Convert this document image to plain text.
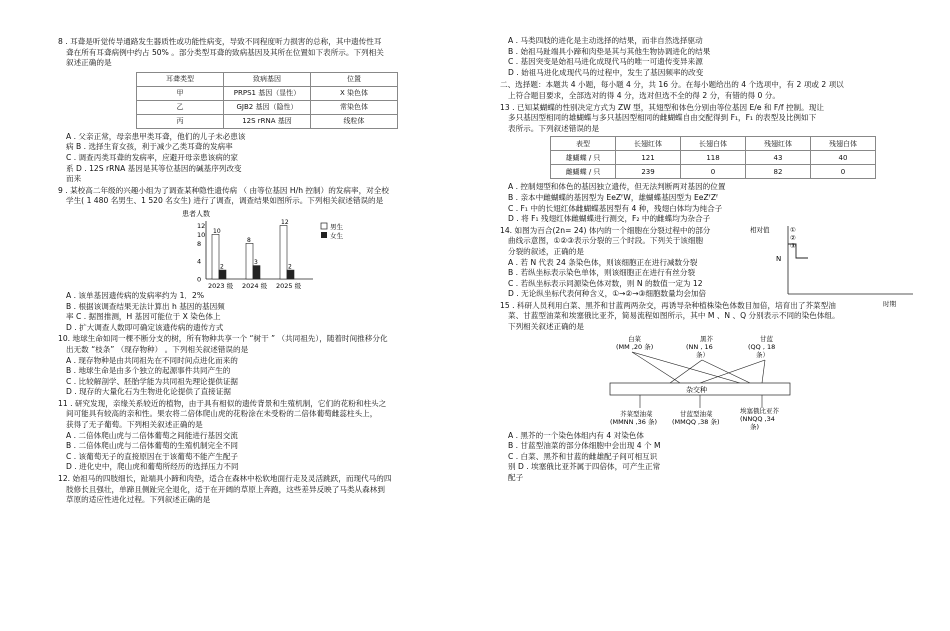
8 . 耳聋是听觉传导通路发生器质性或功能性病变，导致不同程度听力损害的总称，其中遗传性耳

聋在所有耳聋病例中约占 50% 。部分类型耳聋的致病基因及其所在位置如下表所示。下列相关

叙述正确的是

耳聋类型	致病基因	位置
甲	PRPS1 基因（显性）	X 染色体
乙	GJB2 基因（隐性）	常染色体
丙	12S rRNA 基因	线粒体

A . 父亲正常，母亲患甲类耳聋，他们的儿子未必患该

病 B . 选择生育女孩，利于减少乙类耳聋的发病率

C . 调查丙类耳聋的发病率，应避开母亲患该病的家

系 D . 12S rRNA 基因是其等位基因的碱基序列改变

而来

9 . 某校高二年级的兴趣小组为了调查某种隐性遗传病 （ 由等位基因 H/h 控制）的发病率，对全校

学生( 1 480 名男生、1 520 名女生) 进行了调查，调查结果如图所示。下列相关叙述错误的是

患者人数
12
10
8
4
0
10
2
2023 级
8
3
2024 级
12
2
2025 级
男生
女生

A . 该单基因遗传病的发病率约为 1．2%

B . 根据该调查结果无法计算出 h 基因的基因频

率 C . 据图推测，H 基因可能位于 X 染色体上

D . 扩大调查人数即可确定该遗传病的遗传方式

10. 地球生命如同一棵不断分支的树，所有物种共享一个 “树干 ” （共同祖先），随着时间推移分化

出无数 “枝条” （现存物种） 。下列相关叙述错误的是

A . 现存物种是由共同祖先在不同时间点进化而来的

B . 地球生命是由多个独立的起源事件共同产生的

C . 比较解剖学、胚胎学能为共同祖先理论提供证据

D . 现存的大量化石为生物进化论提供了直接证据

11 . 研究发现，亲缘关系较近的植物，由于具有相似的遗传背景和生殖机制，它们的花粉和柱头之

间可能具有较高的亲和性。果农将二倍体爬山虎的花粉涂在未受粉的二倍体葡萄雌蕊柱头上，

获得了无子葡萄。下列相关叙述正确的是

A . 二倍体爬山虎与二倍体葡萄之间能进行基因交流

B . 二倍体爬山虎与二倍体葡萄的生殖机制完全不同

C . 该葡萄无子的直接原因在于该葡萄不能产生配子

D . 进化史中，爬山虎和葡萄所经历的选择压力不同

12. 始祖马的四肢细长，趾端具小蹄和肉垫，适合在森林中松软地面行走及灵活跳跃，而现代马的四

肢修长且强壮，单蹄且侧趾完全退化，适于在开阔的草原上奔跑，这些差异反映了马类从森林到

草原的适应性进化过程。下列叙述正确的是

A . 马类四肢的进化是主动选择的结果，而非自然选择驱动

B . 始祖马趾端具小蹄和肉垫是其与其他生物协调进化的结果

C . 基因突变是始祖马进化成现代马的唯一可遗传变异来源

D . 始祖马进化成现代马的过程中，发生了基因频率的改变

二、选择题：本题共 4 小题，每小题 4 分，共 16 分。在每小题给出的 4 个选项中，有 2 项或 2 项以

上符合题目要求，全部选对的得 4 分，选对但选不全的得 2 分，有错的得 0 分。

13 . 已知某蝴蝶的性别决定方式为 ZW 型，其翅型和体色分别由等位基因 E/e 和 F/f 控制。现让

多只基因型相同的雄蝴蝶与多只基因型相同的雌蝴蝶自由交配得到 F₁，F₁ 的表型及比例如下

表所示。下列叙述错误的是

表型	长翅红体	长翅白体	残翅红体	残翅白体
雄蝴蝶 / 只	121	118	43	40
雌蝴蝶 / 只	239	0	82	0

A . 控制翅型和体色的基因独立遗传，但无法判断两对基因的位置

B . 亲本中雌蝴蝶的基因型为 EeZᶠW，雄蝴蝶基因型为 EeZᶠZᶠ

C . F₁ 中的长翅红体雌蝴蝶基因型有 4 种，残翅白体均为纯合子

D . 将 F₁ 残翅红体雌蝴蝶进行测交，F₂ 中的雌蝶均为杂合子

14. 如图为百合(2n= 24) 体内的一个细胞在分裂过程中的部分

曲线示意图，①②③表示分裂的三个时段。下列关于该细胞

分裂的叙述，正确的是

A . 若 N 代表 24 条染色体，则该细胞正在进行减数分裂

B . 若纵坐标表示染色单体，则该细胞正在进行有丝分裂

C . 若纵坐标表示同源染色体对数，则 N 的数值一定为 12

D . 无论纵坐标代表何种含义，①→②→③细胞数量均会加倍

相对值
N
①
②
③
时期

15 . 科研人员利用白菜、黑芥和甘蓝两两杂交，再诱导杂种植株染色体数目加倍，培育出了芥菜型油

菜、甘蓝型油菜和埃塞俄比亚芥，简易流程如图所示，其中 M 、N 、Q 分别表示不同的染色体组。

下列相关叙述正确的是

白菜
(MM ,20 条)
黑芥
(NN , 16
条）
甘蓝
(QQ , 18
条）
杂交种
芥菜型油菜
(MMNN ,36 条)
甘蓝型油菜
(MMQQ ,38 条)
埃塞俄比亚芥
(NNQQ ,34
条)

A . 黑芥的一个染色体组内有 4 对染色体

B . 甘蓝型油菜的部分体细胞中会出现 4 个 M

C . 白菜、黑芥和甘蓝的雌雄配子间可相互识

别 D . 埃塞俄比亚芥属于四倍体，可产生正常

配子
